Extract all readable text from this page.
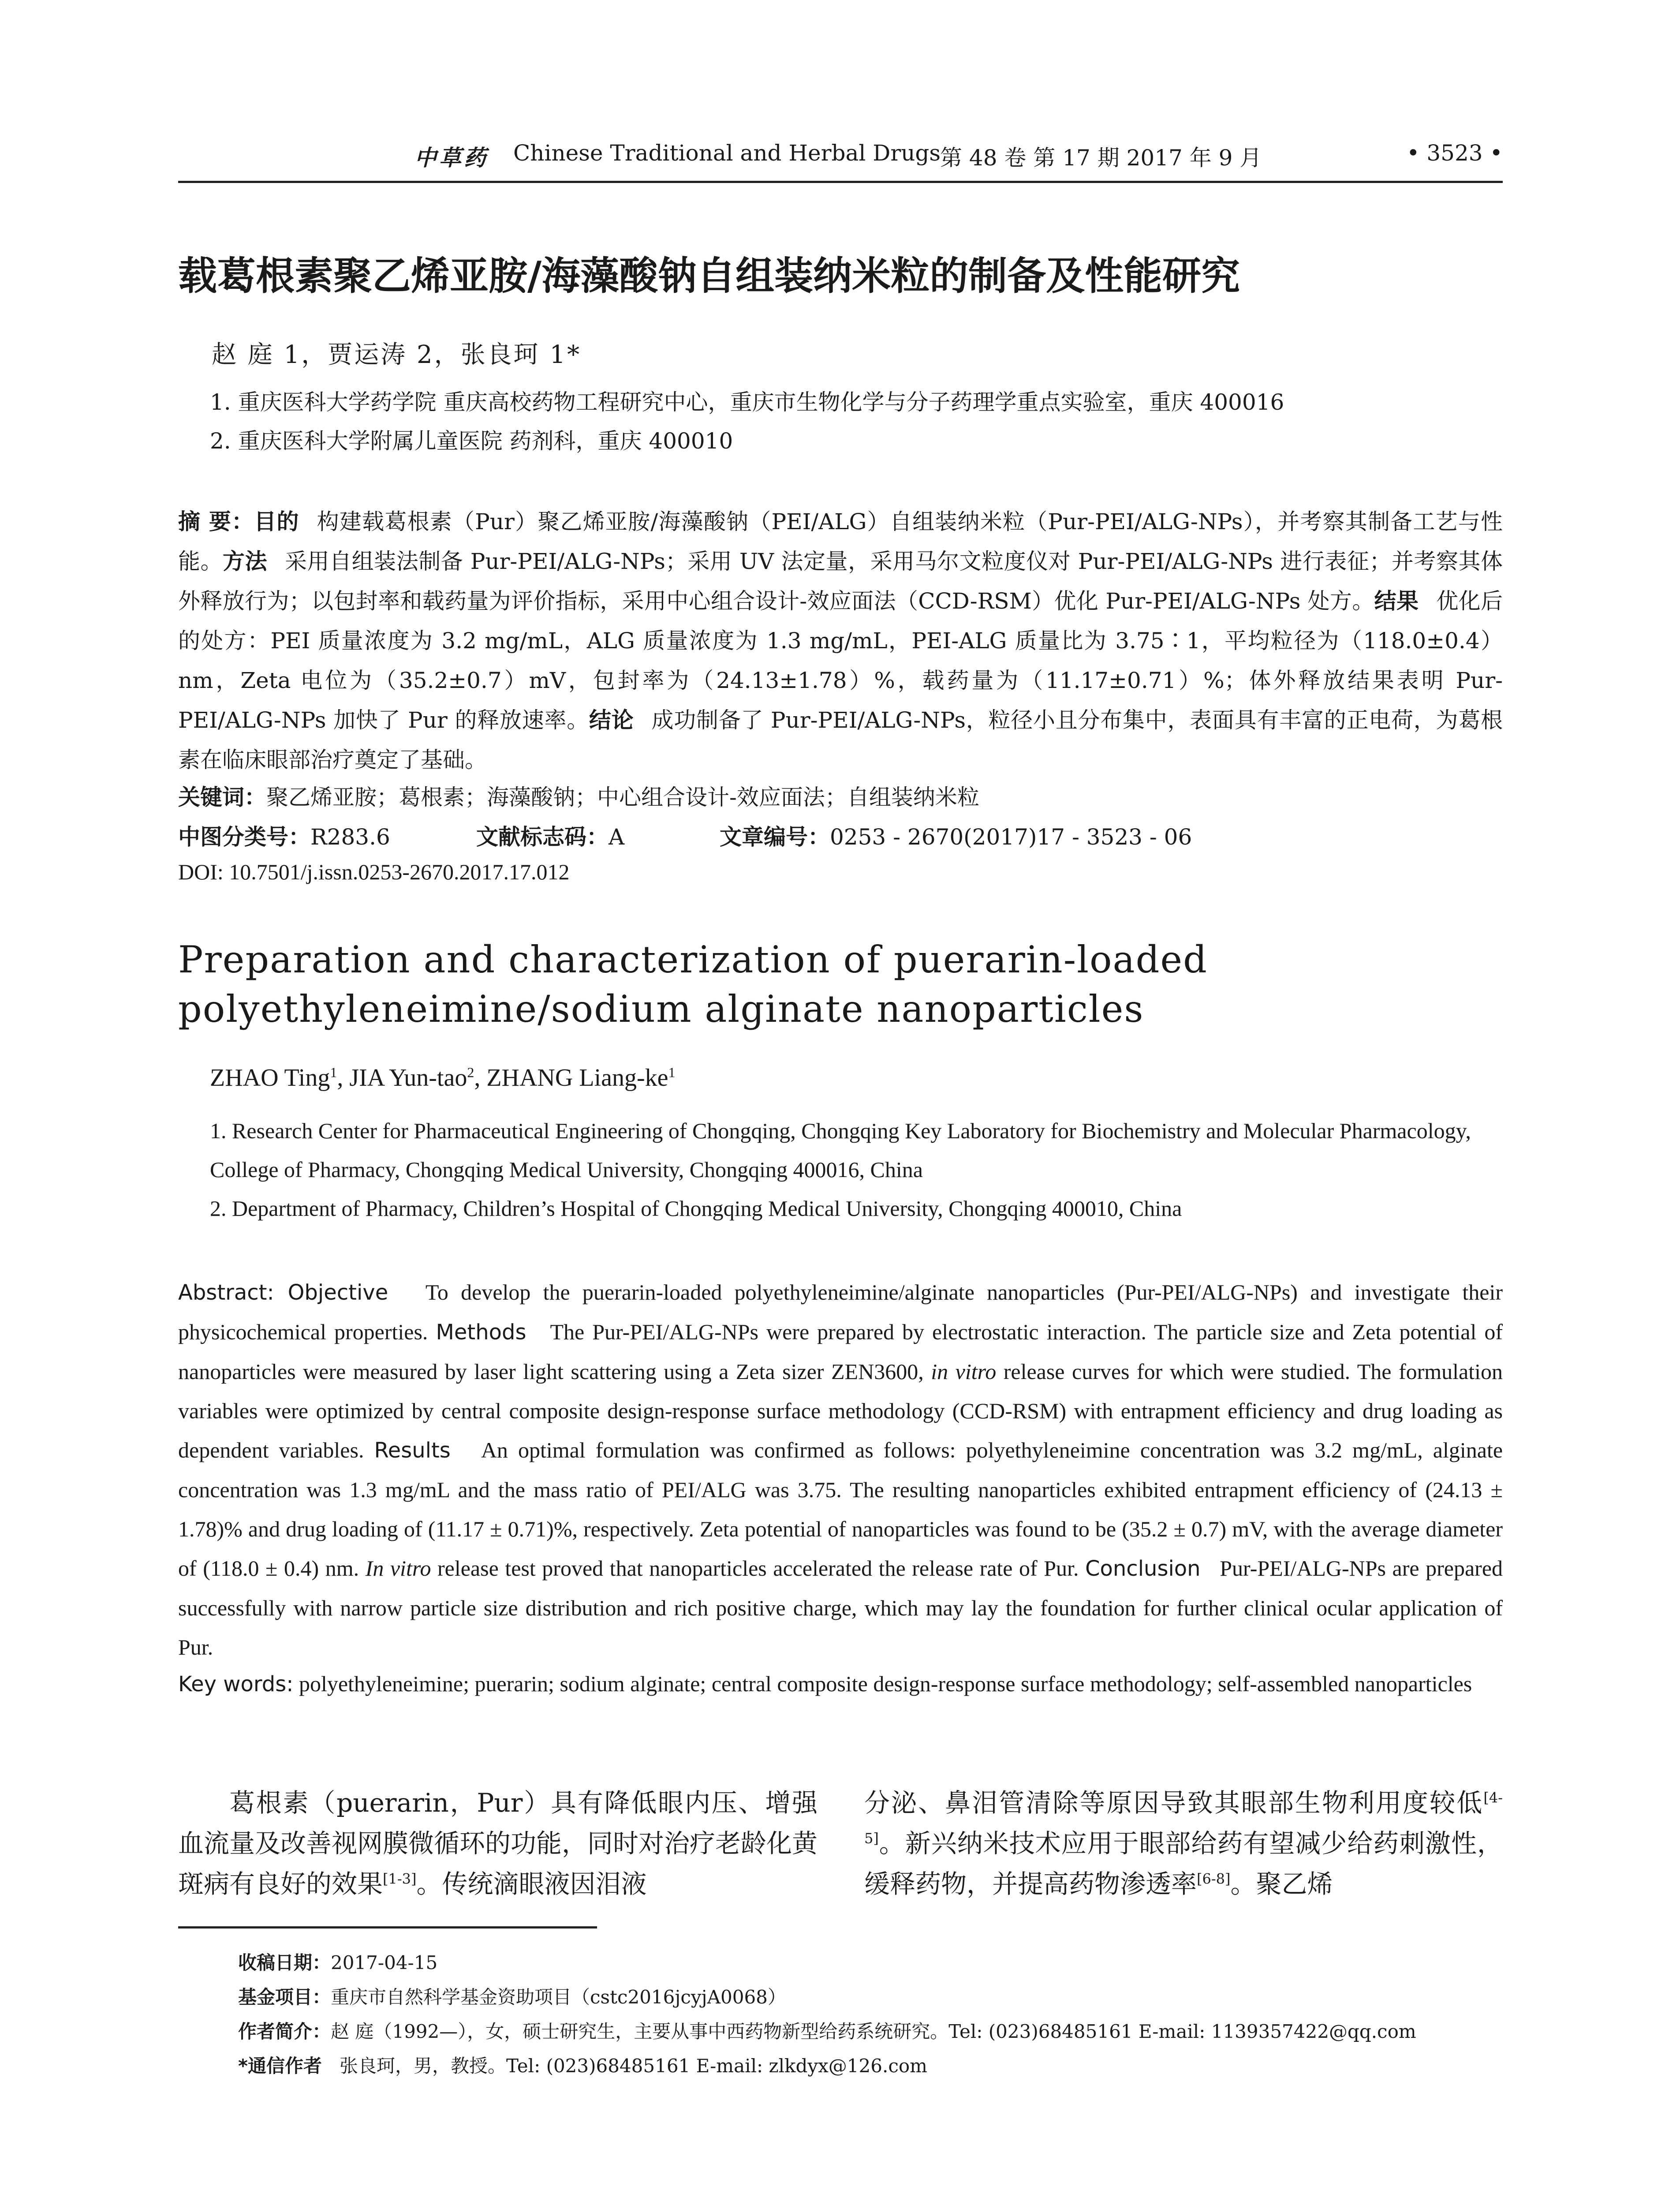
中草药 Chinese Traditional and Herbal Drugs
第 48 卷 第 17 期 2017 年 9 月	• 3523 •
载葛根素聚乙烯亚胺/海藻酸钠自组装纳米粒的制备及性能研究
赵 庭 1，贾运涛 2，张良珂 1*
1. 重庆医科大学药学院 重庆高校药物工程研究中心，重庆市生物化学与分子药理学重点实验室，重庆 400016
2. 重庆医科大学附属儿童医院 药剂科，重庆 400010
摘 要：目的 构建载葛根素（Pur）聚乙烯亚胺/海藻酸钠（PEI/ALG）自组装纳米粒（Pur-PEI/ALG-NPs），并考察其制备工艺与性能。方法 采用自组装法制备 Pur-PEI/ALG-NPs；采用 UV 法定量，采用马尔文粒度仪对 Pur-PEI/ALG-NPs 进行表征；并考察其体外释放行为；以包封率和载药量为评价指标，采用中心组合设计-效应面法（CCD-RSM）优化 Pur-PEI/ALG-NPs 处方。结果 优化后的处方：PEI 质量浓度为 3.2 mg/mL，ALG 质量浓度为 1.3 mg/mL，PEI-ALG 质量比为 3.75∶1，平均粒径为（118.0±0.4）nm，Zeta 电位为（35.2±0.7）mV，包封率为（24.13±1.78）%，载药量为（11.17±0.71）%；体外释放结果表明 Pur-PEI/ALG-NPs 加快了 Pur 的释放速率。结论 成功制备了 Pur-PEI/ALG-NPs，粒径小且分布集中，表面具有丰富的正电荷，为葛根素在临床眼部治疗奠定了基础。
关键词：聚乙烯亚胺；葛根素；海藻酸钠；中心组合设计-效应面法；自组装纳米粒
中图分类号：R283.6	文献标志码：A	文章编号：0253 - 2670(2017)17 - 3523 - 06
DOI: 10.7501/j.issn.0253-2670.2017.17.012
Preparation and characterization of puerarin-loaded polyethyleneimine/sodium alginate nanoparticles
ZHAO Ting$^1$, JIA Yun-tao$^2$, ZHANG Liang-$ke^1$
1. Research Center for Pharmaceutical Engineering of Chongqing, Chongqing Key Laboratory for Biochemistry and Molecular Pharmacology, College of Pharmacy, Chongqing Medical University, Chongqing 400016, China
2. Department of Pharmacy, Children’s Hospital of Chongqing Medical University, Chongqing 400010, China
Abstract: Objective To develop the puerarin-loaded polyethyleneimine/alginate nanoparticles (Pur-PEI/ALG-NPs) and investigate their physicochemical properties. Methods The Pur-PEI/ALG-NPs were prepared by electrostatic interaction. The particle size and Zeta potential of nanoparticles were measured by laser light scattering using a Zeta sizer ZEN3600, in vitro release curves for which were studied. The formulation variables were optimized by central composite design-response surface methodology (CCD-RSM) with entrapment efficiency and drug loading as dependent variables. Results An optimal formulation was confirmed as follows: polyethyleneimine concentration was 3.2 mg/mL, alginate concentration was 1.3 mg/mL and the mass ratio of PEI/ALG was 3.75. The resulting nanoparticles exhibited entrapment efficiency of (24.13 ± 1.78)% and drug loading of (11.17 ± 0.71)%, respectively. Zeta potential of nanoparticles was found to be (35.2 ± 0.7) mV, with the average diameter of (118.0 ± 0.4) nm. In vitro release test proved that nanoparticles accelerated the release rate of Pur. Conclusion Pur-PEI/ALG-NPs are prepared successfully with narrow particle size distribution and rich positive charge, which may lay the foundation for further clinical ocular application of Pur.
Key words: polyethyleneimine; puerarin; sodium alginate; central composite design-response surface methodology; self-assembled nanoparticles
葛根素（puerarin，Pur）具有降低眼内压、增强血流量及改善视网膜微循环的功能，同时对治疗老龄化黄斑病有良好的效果[1-3]。传统滴眼液因泪液
分泌、鼻泪管清除等原因导致其眼部生物利用度较低[4-5]。新兴纳米技术应用于眼部给药有望减少给药刺激性，缓释药物，并提高药物渗透率[6-8]。聚乙烯
收稿日期：2017-04-15
基金项目：重庆市自然科学基金资助项目（cstc2016jcyjA0068）
作者简介：赵 庭（1992—），女，硕士研究生，主要从事中西药物新型给药系统研究。Tel: (023)68485161 E-mail: 1139357422@qq.com
*通信作者 张良珂，男，教授。Tel: (023)68485161 E-mail: zlkdyx@126.com
